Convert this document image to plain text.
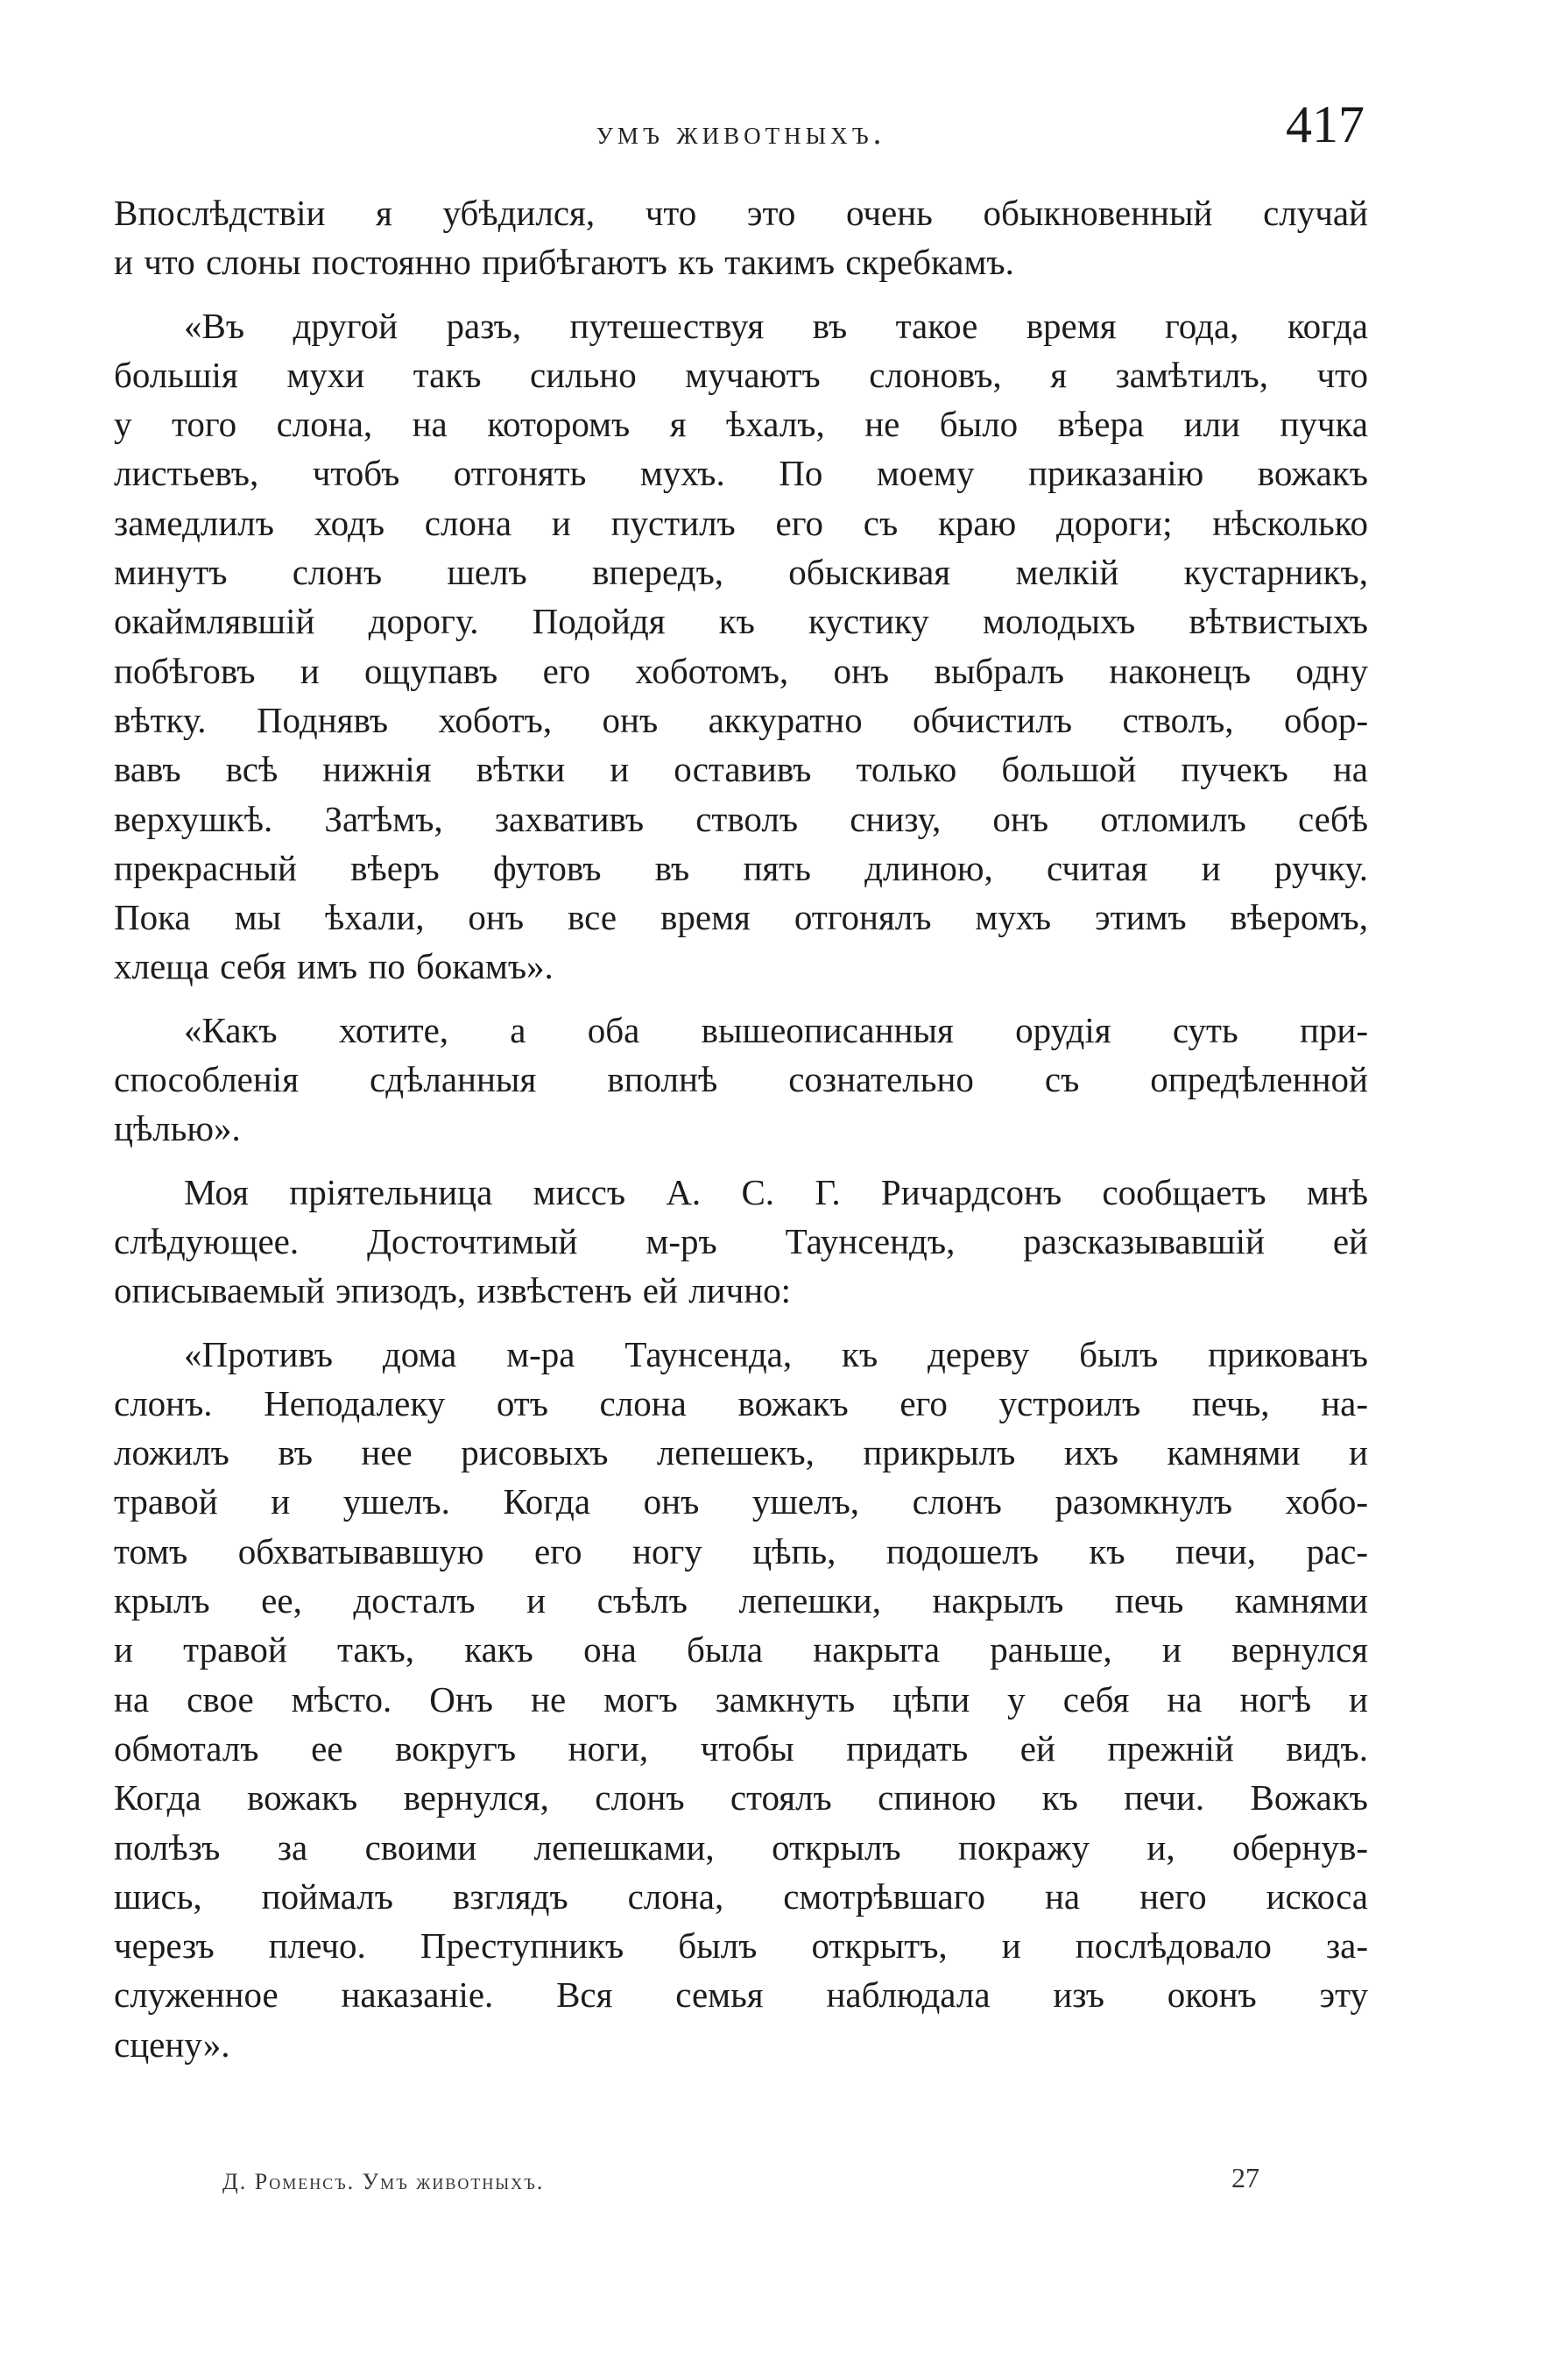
умъ животныхъ.	417
Впослѣдствіи я убѣдился, что это очень обыкновенный случай
и что слоны постоянно прибѣгаютъ къ такимъ скребкамъ.
«Въ другой разъ, путешествуя въ такое время года, когда
большія мухи такъ сильно мучаютъ слоновъ, я замѣтилъ, что
у того слона, на которомъ я ѣхалъ, не было вѣера или пучка
листьевъ, чтобъ отгонять мухъ. По моему приказанію вожакъ
замедлилъ ходъ слона и пустилъ его съ краю дороги; нѣсколько
минутъ слонъ шелъ впередъ, обыскивая мелкій кустарникъ,
окаймлявшій дорогу. Подойдя къ кустику молодыхъ вѣтвистыхъ
побѣговъ и ощупавъ его хоботомъ, онъ выбралъ наконецъ одну
вѣтку. Поднявъ хоботъ, онъ аккуратно обчистилъ стволъ, обор-
вавъ всѣ нижнія вѣтки и оставивъ только большой пучекъ на
верхушкѣ. Затѣмъ, захвативъ стволъ снизу, онъ отломилъ себѣ
прекрасный вѣеръ футовъ въ пять длиною, считая и ручку.
Пока мы ѣхали, онъ все время отгонялъ мухъ этимъ вѣеромъ,
хлеща себя имъ по бокамъ».
«Какъ хотите, а оба вышеописанныя орудія суть при-
способленія сдѣланныя вполнѣ сознательно съ опредѣленной
цѣлью».
Моя пріятельница миссъ А. С. Г. Ричардсонъ сообщаетъ мнѣ
слѣдующее. Досточтимый м-ръ Таунсендъ, разсказывавшій ей
описываемый эпизодъ, извѣстенъ ей лично:
«Противъ дома м-ра Таунсенда, къ дереву былъ прикованъ
слонъ. Неподалеку отъ слона вожакъ его устроилъ печь, на-
ложилъ въ нее рисовыхъ лепешекъ, прикрылъ ихъ камнями и
травой и ушелъ. Когда онъ ушелъ, слонъ разомкнулъ хобо-
томъ обхватывавшую его ногу цѣпь, подошелъ къ печи, рас-
крылъ ее, досталъ и съѣлъ лепешки, накрылъ печь камнями
и травой такъ, какъ она была накрыта раньше, и вернулся
на свое мѣсто. Онъ не могъ замкнуть цѣпи у себя на ногѣ и
обмоталъ ее вокругъ ноги, чтобы придать ей прежній видъ.
Когда вожакъ вернулся, слонъ стоялъ спиною къ печи. Вожакъ
полѣзъ за своими лепешками, открылъ покражу и, обернув-
шись, поймалъ взглядъ слона, смотрѣвшаго на него искоса
черезъ плечо. Преступникъ былъ открытъ, и послѣдовало за-
служенное наказаніе. Вся семья наблюдала изъ оконъ эту
сцену».
Д. Роменсъ. Умъ животныхъ.	27
